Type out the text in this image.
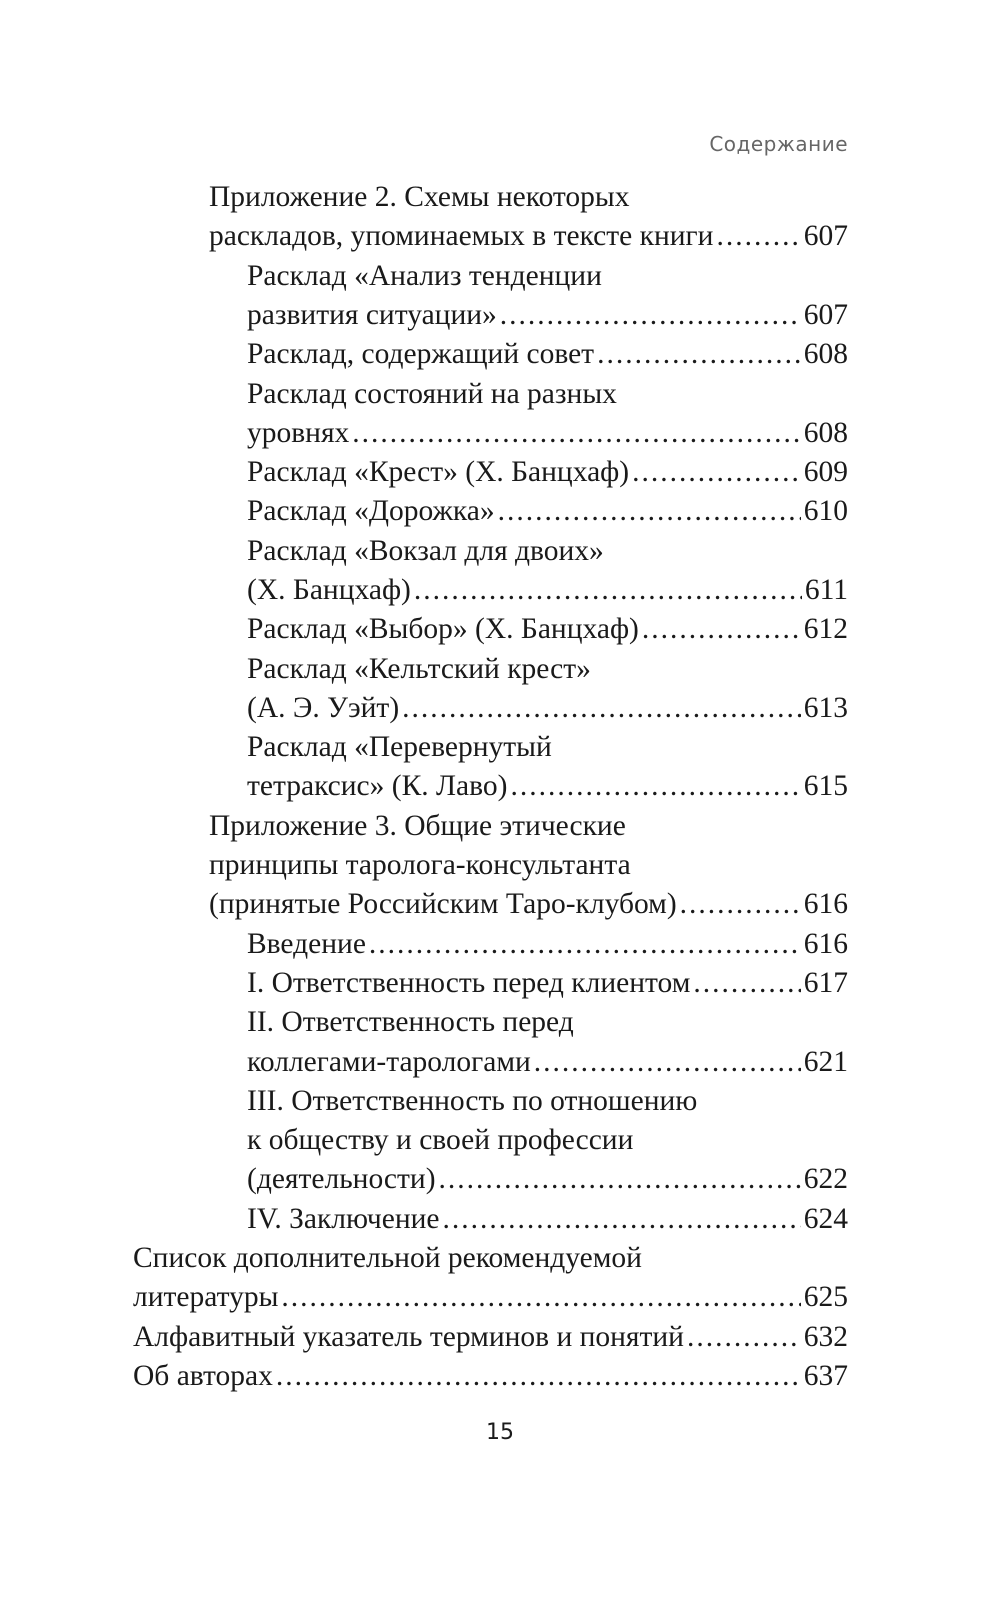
Содержание
Приложение 2. Схемы некоторых
раскладов, упоминаемых в тексте книги .....	607
Расклад «Анализ тенденции
развития ситуации» .....	607
Расклад, содержащий совет .....	608
Расклад состояний на разных
уровнях .....	608
Расклад «Крест» (Х. Банцхаф) .....	609
Расклад «Дорожка» .....	610
Расклад «Вокзал для двоих»
(Х. Банцхаф) .....	611
Расклад «Выбор» (Х. Банцхаф) .....	612
Расклад «Кельтский крест»
(А. Э. Уэйт) .....	613
Расклад «Перевернутый
тетраксис» (К. Лаво) .....	615
Приложение 3. Общие этические
принципы таролога-консультанта
(принятые Российским Таро-клубом) .....	616
Введение .....	616
I. Ответственность перед клиентом .....	617
II. Ответственность перед
коллегами-тарологами .....	621
III. Ответственность по отношению
к обществу и своей профессии
(деятельности) .....	622
IV. Заключение .....	624
Список дополнительной рекомендуемой
литературы .....	625
Алфавитный указатель терминов и понятий .....	632
Об авторах .....	637
15
